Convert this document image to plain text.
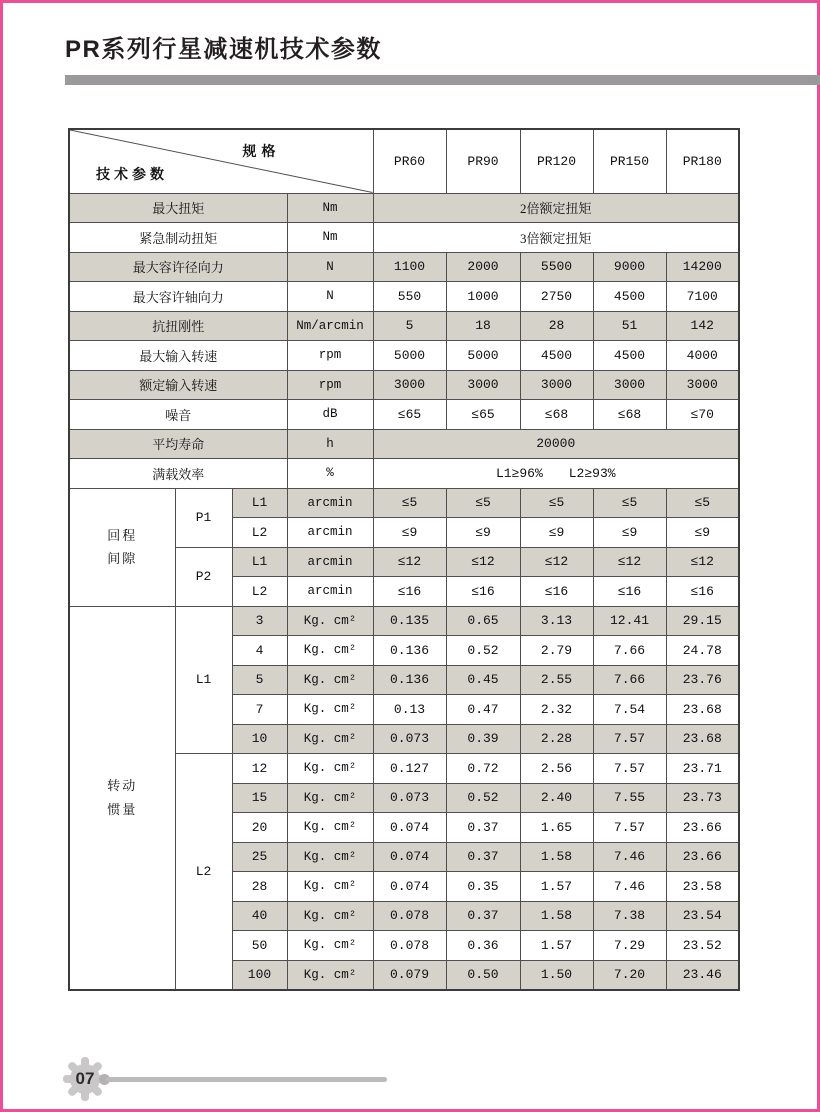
PR系列行星减速机技术参数
规格
技术参数				PR60	PR90	PR120	PR150	PR180
最大扭矩			Nm	2倍额定扭矩				
紧急制动扭矩			Nm	3倍额定扭矩				
最大容许径向力			N	1100	2000	5500	9000	14200
最大容许轴向力			N	550	1000	2750	4500	7100
抗扭刚性			Nm/arcmin	5	18	28	51	142
最大输入转速			rpm	5000	5000	4500	4500	4000
额定输入转速			rpm	3000	3000	3000	3000	3000
噪音			dB	≤65	≤65	≤68	≤68	≤70
平均寿命			h	20000				
满载效率			%	L1≥96%  L2≥93%				
回程间隙	P1	L1	arcmin	≤5	≤5	≤5	≤5	≤5
		L2	arcmin	≤9	≤9	≤9	≤9	≤9
	P2	L1	arcmin	≤12	≤12	≤12	≤12	≤12
		L2	arcmin	≤16	≤16	≤16	≤16	≤16
转动惯量	L1	3	Kg. cm²	0.135	0.65	3.13	12.41	29.15
		4	Kg. cm²	0.136	0.52	2.79	7.66	24.78
		5	Kg. cm²	0.136	0.45	2.55	7.66	23.76
		7	Kg. cm²	0.13	0.47	2.32	7.54	23.68
		10	Kg. cm²	0.073	0.39	2.28	7.57	23.68
	L2	12	Kg. cm²	0.127	0.72	2.56	7.57	23.71
		15	Kg. cm²	0.073	0.52	2.40	7.55	23.73
		20	Kg. cm²	0.074	0.37	1.65	7.57	23.66
		25	Kg. cm²	0.074	0.37	1.58	7.46	23.66
		28	Kg. cm²	0.074	0.35	1.57	7.46	23.58
		40	Kg. cm²	0.078	0.37	1.58	7.38	23.54
		50	Kg. cm²	0.078	0.36	1.57	7.29	23.52
		100	Kg. cm²	0.079	0.50	1.50	7.20	23.46
07
